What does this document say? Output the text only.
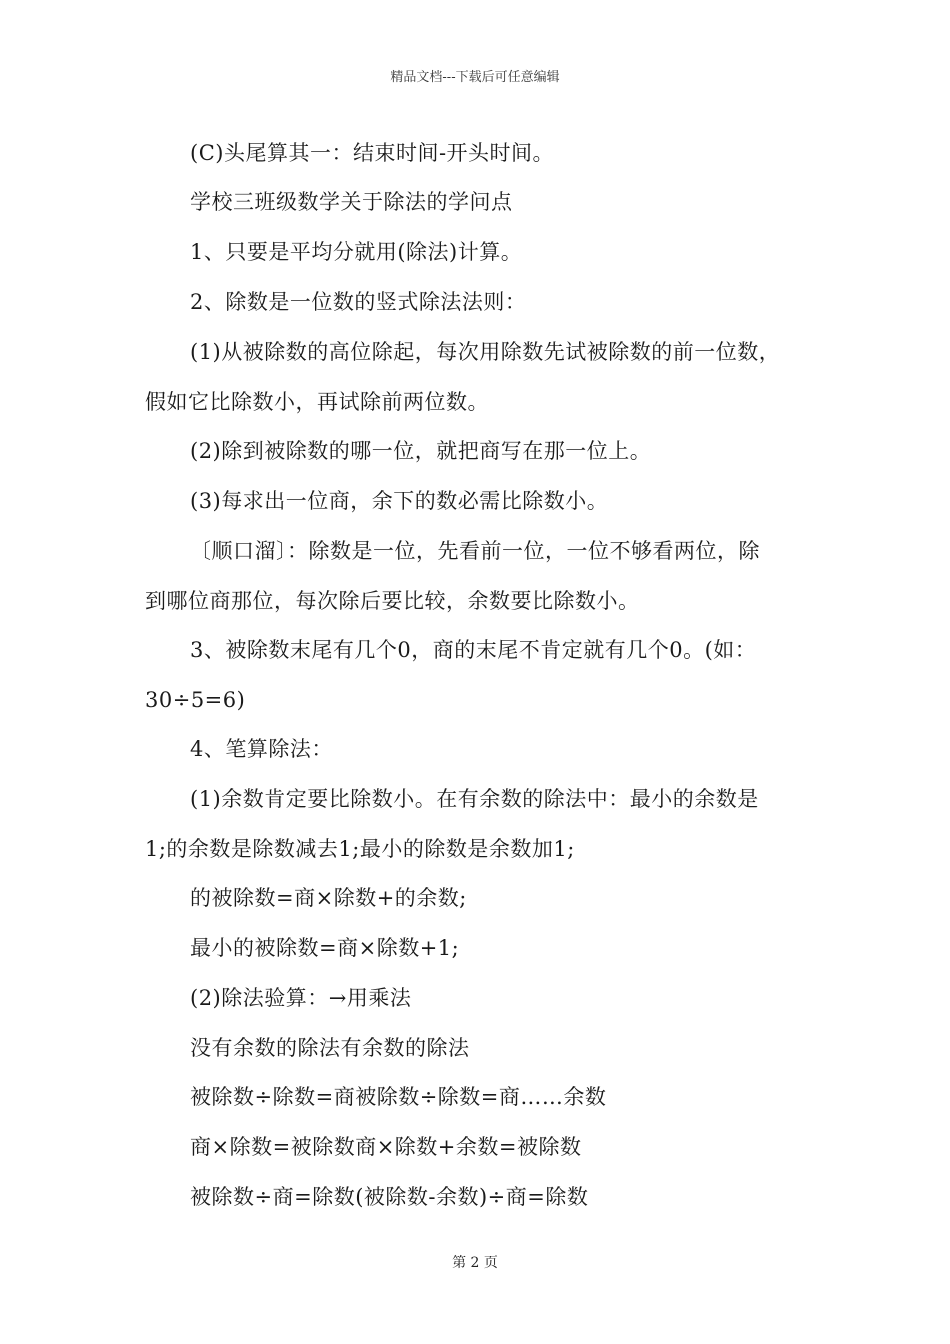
精品文档---下载后可任意编辑
(C)头尾算其一：结束时间-开头时间。
学校三班级数学关于除法的学问点
1、只要是平均分就用(除法)计算。
2、除数是一位数的竖式除法法则：
(1)从被除数的高位除起，每次用除数先试被除数的前一位数，
假如它比除数小，再试除前两位数。
(2)除到被除数的哪一位，就把商写在那一位上。
(3)每求出一位商，余下的数必需比除数小。
〔顺口溜〕：除数是一位，先看前一位，一位不够看两位，除
到哪位商那位，每次除后要比较，余数要比除数小。
3、被除数末尾有几个0，商的末尾不肯定就有几个0。(如：
30÷5=6)
4、笔算除法：
(1)余数肯定要比除数小。在有余数的除法中：最小的余数是
1;的余数是除数减去1;最小的除数是余数加1;
的被除数=商×除数+的余数;
最小的被除数=商×除数+1;
(2)除法验算：→用乘法
没有余数的除法有余数的除法
被除数÷除数=商被除数÷除数=商……余数
商×除数=被除数商×除数+余数=被除数
被除数÷商=除数(被除数-余数)÷商=除数
第 2 页
